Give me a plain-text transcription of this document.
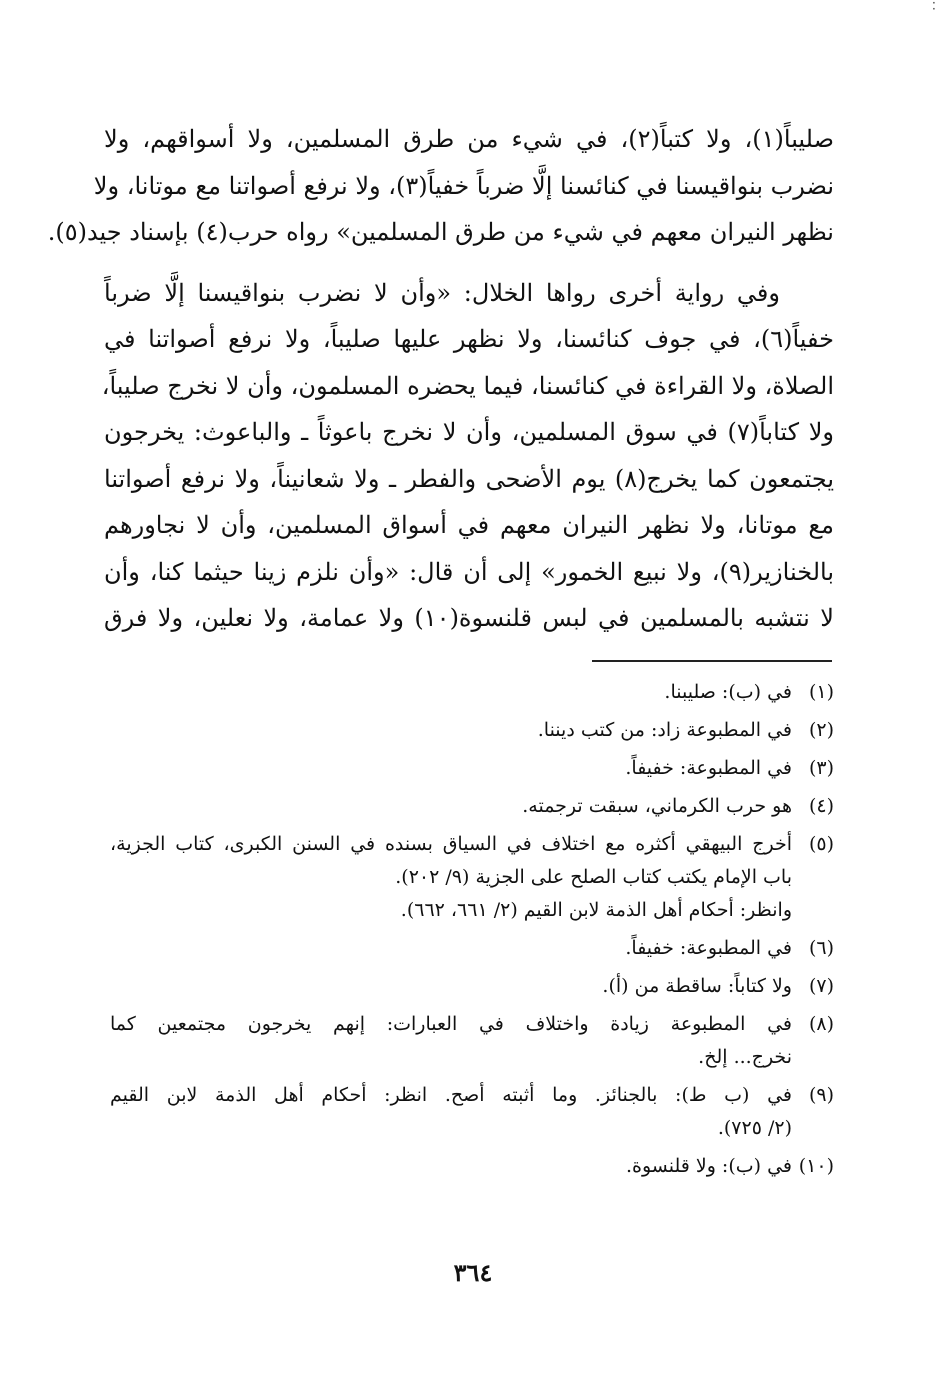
· ·
صليباً(١)، ولا كتباً(٢)، في شيء من طرق المسلمين، ولا أسواقهم، ولا
نضرب بنواقيسنا في كنائسنا إلَّا ضرباً خفياً(٣)، ولا نرفع أصواتنا مع موتانا، ولا
نظهر النيران معهم في شيء من طرق المسلمين» رواه حرب(٤) بإسناد جيد(٥).
وفي رواية أخرى رواها الخلال: «وأن لا نضرب بنواقيسنا إلَّا ضرباً
خفياً(٦)، في جوف كنائسنا، ولا نظهر عليها صليباً، ولا نرفع أصواتنا في
الصلاة، ولا القراءة في كنائسنا، فيما يحضره المسلمون، وأن لا نخرج صليباً،
ولا كتاباً(٧) في سوق المسلمين، وأن لا نخرج باعوثاً ـ والباعوث: يخرجون
يجتمعون كما يخرج(٨) يوم الأضحى والفطر ـ ولا شعانيناً، ولا نرفع أصواتنا
مع موتانا، ولا نظهر النيران معهم في أسواق المسلمين، وأن لا نجاورهم
بالخنازير(٩)، ولا نبيع الخمور» إلى أن قال: «وأن نلزم زينا حيثما كنا، وأن
لا نتشبه بالمسلمين في لبس قلنسوة(١٠) ولا عمامة، ولا نعلين، ولا فرق
(١)
في (ب): صليبنا.
(٢)
في المطبوعة زاد: من كتب ديننا.
(٣)
في المطبوعة: خفيفاً.
(٤)
هو حرب الكرماني، سبقت ترجمته.
(٥)
أخرج البيهقي أكثره مع اختلاف في السياق بسنده في السنن الكبرى، كتاب الجزية،
باب الإمام يكتب كتاب الصلح على الجزية (٩/ ٢٠٢).
وانظر: أحكام أهل الذمة لابن القيم (٢/ ٦٦١، ٦٦٢).
(٦)
في المطبوعة: خفيفاً.
(٧)
ولا كتاباً: ساقطة من (أ).
(٨)
في المطبوعة زيادة واختلاف في العبارات: إنهم يخرجون مجتمعين كما
نخرج... إلخ.
(٩)
في (ب ط): بالجنائز. وما أثبته أصح. انظر: أحكام أهل الذمة لابن القيم
(٢/ ٧٢٥).
(١٠)
في (ب): ولا قلنسوة.
٣٦٤
